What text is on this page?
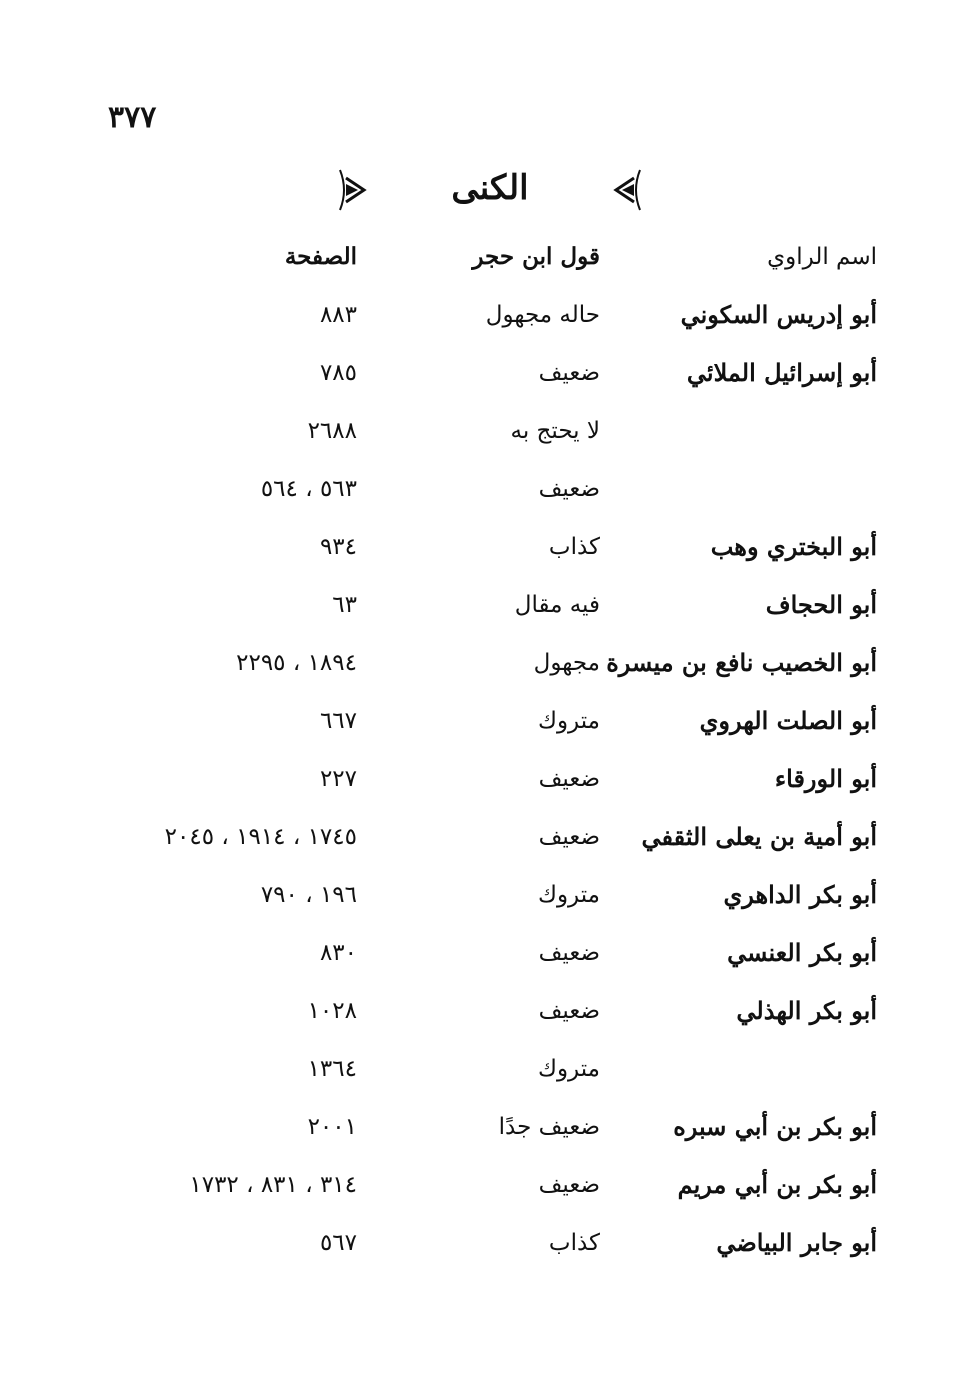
٣٧٧
الكنى
اسم الراوي
قول ابن حجر
الصفحة
أبو إدريس السكوني
حاله مجهول
٨٨٣
أبو إسرائيل الملائي
ضعيف
٧٨٥
لا يحتج به
٢٦٨٨
ضعيف
٥٦٣ ، ٥٦٤
أبو البختري وهب
كذاب
٩٣٤
أبو الحجاف
فيه مقال
٦٣
أبو الخصيب نافع بن ميسرة
مجهول
١٨٩٤ ، ٢٢٩٥
أبو الصلت الهروي
متروك
٦٦٧
أبو الورقاء
ضعيف
٢٢٧
أبو أمية بن يعلى الثقفي
ضعيف
١٧٤٥ ، ١٩١٤ ، ٢٠٤٥
أبو بكر الداهري
متروك
١٩٦ ، ٧٩٠
أبو بكر العنسي
ضعيف
٨٣٠
أبو بكر الهذلي
ضعيف
١٠٢٨
متروك
١٣٦٤
أبو بكر بن أبي سبره
ضعيف جدًا
٢٠٠١
أبو بكر بن أبي مريم
ضعيف
٣١٤ ، ٨٣١ ، ١٧٣٢
أبو جابر البياضي
كذاب
٥٦٧
